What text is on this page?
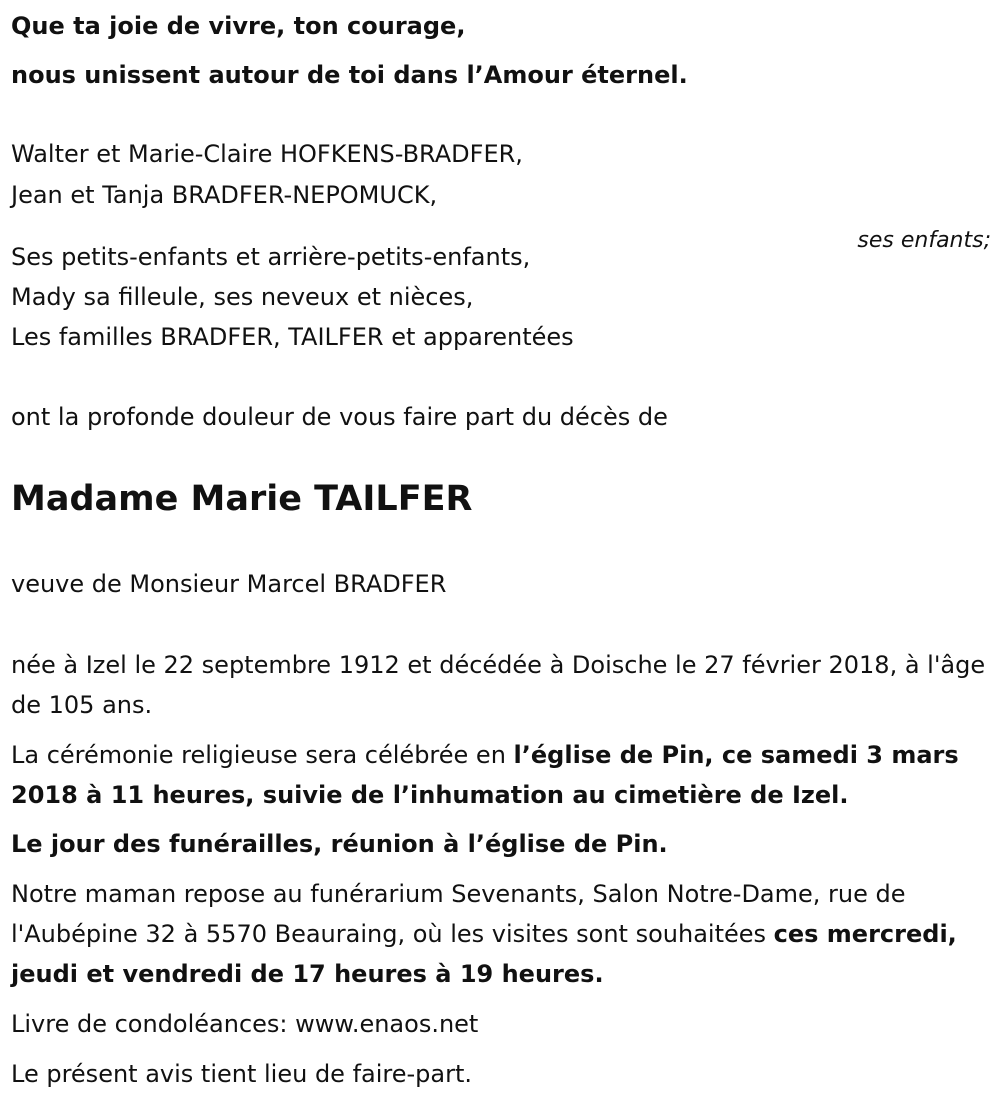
Que ta joie de vivre, ton courage,

nous unissent autour de toi dans l’Amour éternel.

Walter et Marie-Claire HOFKENS-BRADFER,

Jean et Tanja BRADFER-NEPOMUCK,

ses enfants;

Ses petits-enfants et arrière-petits-enfants,

Mady sa filleule, ses neveux et nièces,

Les familles BRADFER, TAILFER et apparentées

ont la profonde douleur de vous faire part du décès de

Madame Marie TAILFER

veuve de Monsieur Marcel BRADFER

née à Izel le 22 septembre 1912 et décédée à Doische le 27 février 2018, à l'âge de 105 ans.

La cérémonie religieuse sera célébrée en l’église de Pin, ce samedi 3 mars 2018 à 11 heures, suivie de l’inhumation au cimetière de Izel.

Le jour des funérailles, réunion à l’église de Pin.

Notre maman repose au funérarium Sevenants, Salon Notre-Dame, rue de l'Aubépine 32 à 5570 Beauraing, où les visites sont souhaitées ces mercredi, jeudi et vendredi de 17 heures à 19 heures.

Livre de condoléances: www.enaos.net

Le présent avis tient lieu de faire-part.
